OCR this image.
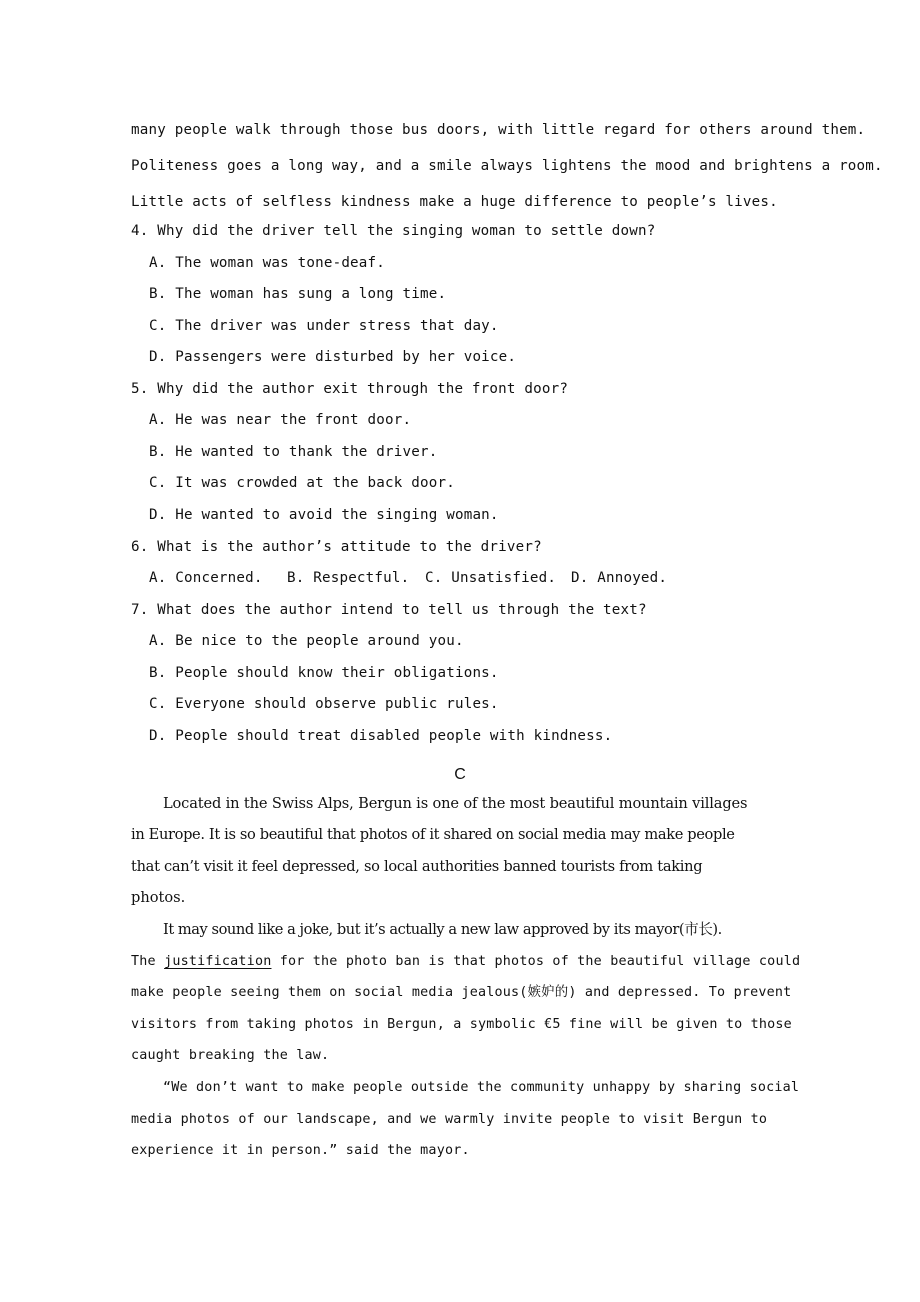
many people walk through those bus doors, with little regard for others around them.
Politeness goes a long way, and a smile always lightens the mood and brightens a room.
Little acts of selfless kindness make a huge difference to people’s lives.
4. Why did the driver tell the singing woman to settle down?
A. The woman was tone-deaf.
B. The woman has sung a long time.
C. The driver was under stress that day.
D. Passengers were disturbed by her voice.
5. Why did the author exit through the front door?
A. He was near the front door.
B. He wanted to thank the driver.
C. It was crowded at the back door.
D. He wanted to avoid the singing woman.
6. What is the author’s attitude to the driver?
A. Concerned. B. Respectful. C. Unsatisfied. D. Annoyed.
7. What does the author intend to tell us through the text?
A. Be nice to the people around you.
B. People should know their obligations.
C. Everyone should observe public rules.
D. People should treat disabled people with kindness.
C
Located in the Swiss Alps, Bergun is one of the most beautiful mountain villages
in Europe. It is so beautiful that photos of it shared on social media may make people
that can’t visit it feel depressed, so local authorities banned tourists from taking
photos.
It may sound like a joke, but it’s actually a new law approved by its mayor(市长).
The justification for the photo ban is that photos of the beautiful village could
make people seeing them on social media jealous(嫉妒的) and depressed. To prevent
visitors from taking photos in Bergun, a symbolic €5 fine will be given to those
caught breaking the law.
“We don’t want to make people outside the community unhappy by sharing social
media photos of our landscape, and we warmly invite people to visit Bergun to
experience it in person.” said the mayor.
